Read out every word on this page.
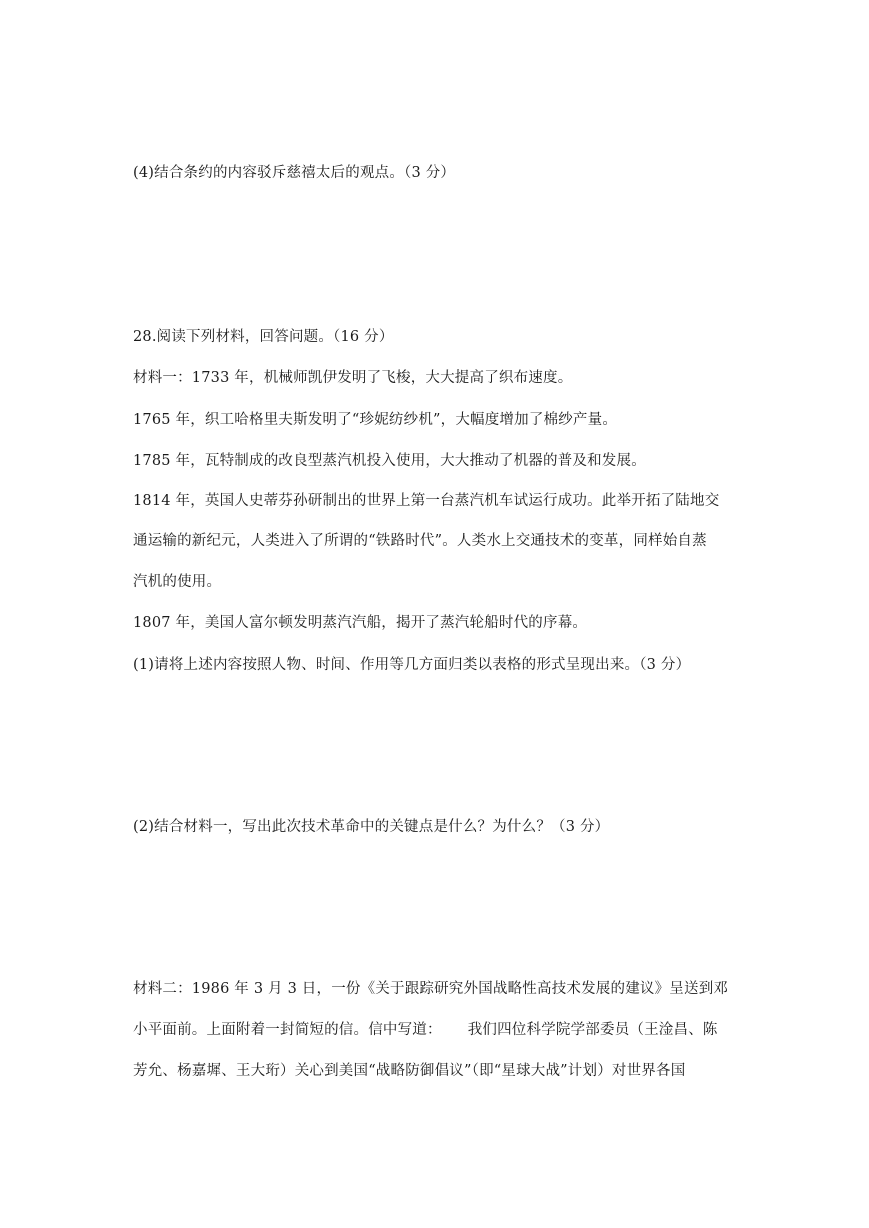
(4)结合条约的内容驳斥慈禧太后的观点。（3 分）
28.阅读下列材料，回答问题。（16 分）
材料一：1733 年，机械师凯伊发明了飞梭，大大提高了织布速度。
1765 年，织工哈格里夫斯发明了“珍妮纺纱机”，大幅度增加了棉纱产量。
1785 年，瓦特制成的改良型蒸汽机投入使用，大大推动了机器的普及和发展。
1814 年，英国人史蒂芬孙研制出的世界上第一台蒸汽机车试运行成功。此举开拓了陆地交
通运输的新纪元，人类进入了所谓的“铁路时代”。人类水上交通技术的变革，同样始自蒸
汽机的使用。
1807 年，美国人富尔顿发明蒸汽汽船，揭开了蒸汽轮船时代的序幕。
(1)请将上述内容按照人物、时间、作用等几方面归类以表格的形式呈现出来。（3 分）
(2)结合材料一，写出此次技术革命中的关键点是什么？为什么？（3 分）
材料二：1986 年 3 月 3 日，一份《关于跟踪研究外国战略性高技术发展的建议》呈送到邓
小平面前。上面附着一封简短的信。信中写道： 我们四位科学院学部委员（王淦昌、陈
芳允、杨嘉墀、王大珩）关心到美国“战略防御倡议”（即“星球大战”计划）对世界各国
